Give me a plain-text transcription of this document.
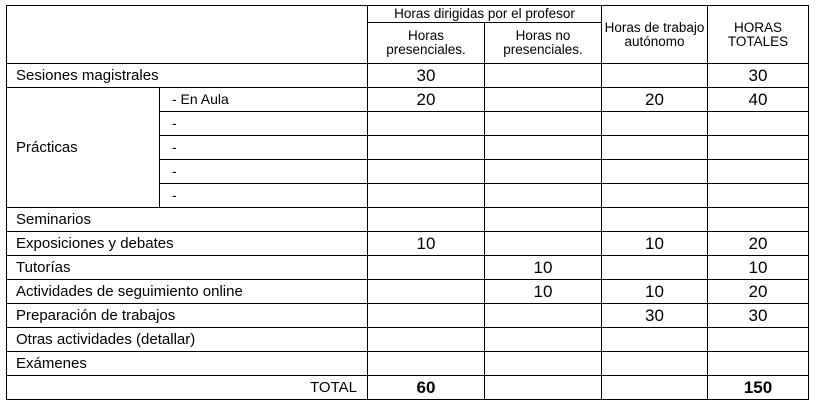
		Horas dirigidas por el profesor		Horas de trabajo autónomo	HORAS TOTALES
		Horas presenciales.	Horas no presenciales.		
Sesiones magistrales		30			30
Prácticas	- En Aula	20		20	40
	-				
	-				
	-				
	-				
Seminarios					
Exposiciones y debates		10		10	20
Tutorías			10		10
Actividades de seguimiento online			10	10	20
Preparación de trabajos				30	30
Otras actividades (detallar)					
Exámenes					
TOTAL		60			150
